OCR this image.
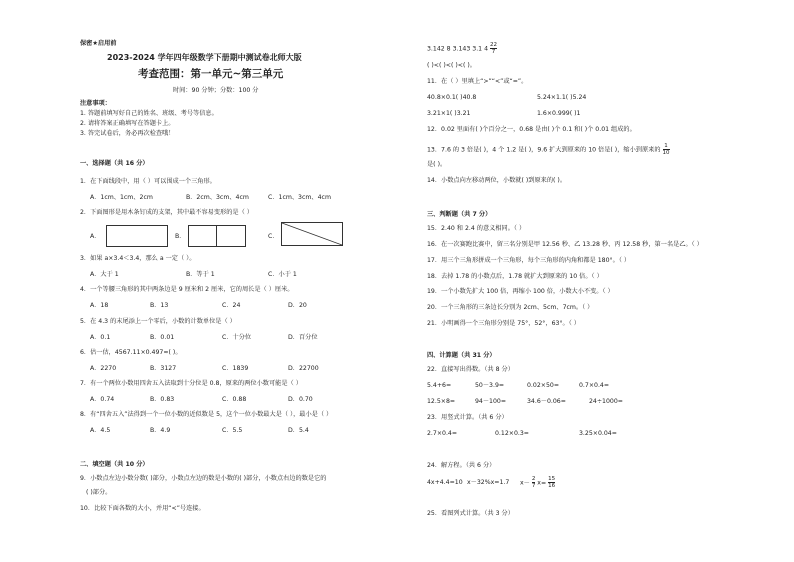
保密★启用前
2023-2024 学年四年级数学下册期中测试卷北师大版
考查范围：第一单元~第三单元
时间：90 分钟；分数：100 分
注意事项：
1. 答题前填写好自己的姓名、班级、考号等信息。
2. 请将答案正确填写在答题卡上。
3. 答完试卷后，务必再次检查哦！
一、选择题（共 16 分）
1．在下面线段中，用（ ）可以围成一个三角形。
A．1cm、1cm、2cm	B．2cm、3cm、4cm	C．1cm、3cm、4cm
2．下面图形是用木条钉成的支架，其中最不容易变形的是（ ）
A．	B．	C．
3．如果 a×3.4＜3.4，那么 a 一定（ ）。
A．大于 1	B．等于 1	C．小于 1
4．一个等腰三角形的其中两条边是 9 厘米和 2 厘米，它的周长是（ ）厘米。
A．18	B．13	C．24	D．20
5．在 4.3 的末尾添上一个零后，小数的计数单位是（ ）
A．0.1	B．0.01	C．十分位	D．百分位
6．估一估，4567.11×0.497≈( )。
A．2270	B．3127	C．1839	D．22700
7．有一个两位小数用四舍五入法取到十分位是 0.8，原来的两位小数可能是（ ）
A．0.74	B．0.83	C．0.88	D．0.70
8．有“四舍五入”法得到一个一位小数的近似数是 5，这个一位小数最大是（ ），最小是（ ）
A．4.5	B．4.9	C．5.5	D．5.4
二、填空题（共 10 分）
9．小数点左边小数分数( )部分，小数点左边的数是小数的( )部分，小数点右边的数是它的
( )部分。
10．比较下面各数的大小，并用“<”号连接。
3.142 8 3.143 3.1 $4 \frac{22}{7}$
( )<( )<( )<( )。
11．在（ ）里填上“>”“<”或“=”。
40.8×0.1( )40.8	5.24×1.1( )5.24
3.21×1( )3.21	1.6×0.999( )1
12．0.02 里面有( )个百分之一，0.68 是由( )个 0.1 和( )个 0.01 组成的。
13．7.6 的 3 倍是( )，4 个 1.2 是( )，9.6 扩大到原来的 10 倍是( )，缩小到原来的 $\frac{1}{10}$
是( )。
14．小数点向左移动两位，小数就( )到原来的( )。
三、判断题（共 7 分）
15．2.40 和 2.4 的意义相同。（ ）
16．在一次赛跑比赛中，留三名分别是甲 12.56 秒、乙 13.28 秒、丙 12.58 秒，第一名是乙。（ ）
17．用三个三角形拼成一个三角形，每个三角形的内角和都是 180°。（ ）
18．去掉 1.78 的小数点后，1.78 就扩大到原来的 10 倍。（ ）
19．一个小数先扩大 100 倍，再缩小 100 倍，小数大小不变。（ ）
20．一个三角形的三条边长分别为 2cm、5cm、7cm。（ ）
21．小明画得一个三角形分别是 75°，52°，63°。（ ）
四、计算题（共 31 分）
22．直接写出得数。（共 8 分）
5.4+6=	50－3.9=	0.02×50=	0.7×0.4=
12.5×8=	94－100=	34.6－0.06=	24÷1000=
23．用竖式计算。（共 6 分）
2.7×0.4=	0.12×0.3=	3.25×0.04=
24．解方程。（共 6 分）
4x+4.4=10 x－32%x=1.7 $x- \frac{2}{7} x= \frac{15}{16}$
25．看图列式计算。（共 3 分）
